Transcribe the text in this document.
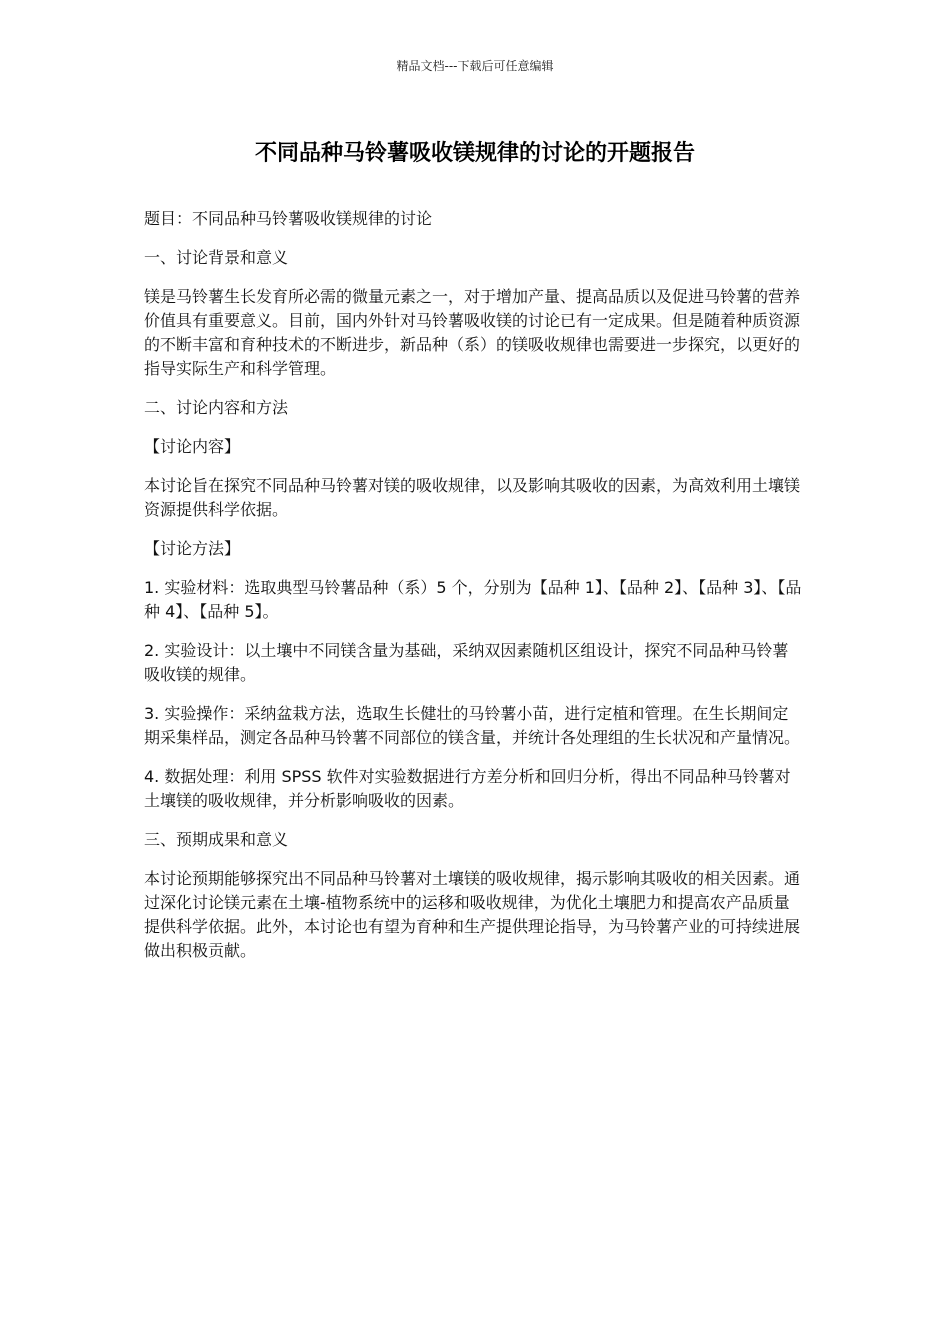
精品文档---下载后可任意编辑
不同品种马铃薯吸收镁规律的讨论的开题报告

题目：不同品种马铃薯吸收镁规律的讨论

一、讨论背景和意义

镁是马铃薯生长发育所必需的微量元素之一，对于增加产量、提高品质以及促进马铃薯的营养价值具有重要意义。目前，国内外针对马铃薯吸收镁的讨论已有一定成果。但是随着种质资源的不断丰富和育种技术的不断进步，新品种（系）的镁吸收规律也需要进一步探究，以更好的指导实际生产和科学管理。

二、讨论内容和方法

【讨论内容】

本讨论旨在探究不同品种马铃薯对镁的吸收规律，以及影响其吸收的因素，为高效利用土壤镁资源提供科学依据。

【讨论方法】

1. 实验材料：选取典型马铃薯品种（系）5 个，分别为【品种 1】、【品种 2】、【品种 3】、【品种 4】、【品种 5】。

2. 实验设计：以土壤中不同镁含量为基础，采纳双因素随机区组设计，探究不同品种马铃薯吸收镁的规律。

3. 实验操作：采纳盆栽方法，选取生长健壮的马铃薯小苗，进行定植和管理。在生长期间定期采集样品，测定各品种马铃薯不同部位的镁含量，并统计各处理组的生长状况和产量情况。

4. 数据处理：利用 SPSS 软件对实验数据进行方差分析和回归分析，得出不同品种马铃薯对土壤镁的吸收规律，并分析影响吸收的因素。

三、预期成果和意义

本讨论预期能够探究出不同品种马铃薯对土壤镁的吸收规律，揭示影响其吸收的相关因素。通过深化讨论镁元素在土壤-植物系统中的运移和吸收规律，为优化土壤肥力和提高农产品质量提供科学依据。此外，本讨论也有望为育种和生产提供理论指导，为马铃薯产业的可持续进展做出积极贡献。
